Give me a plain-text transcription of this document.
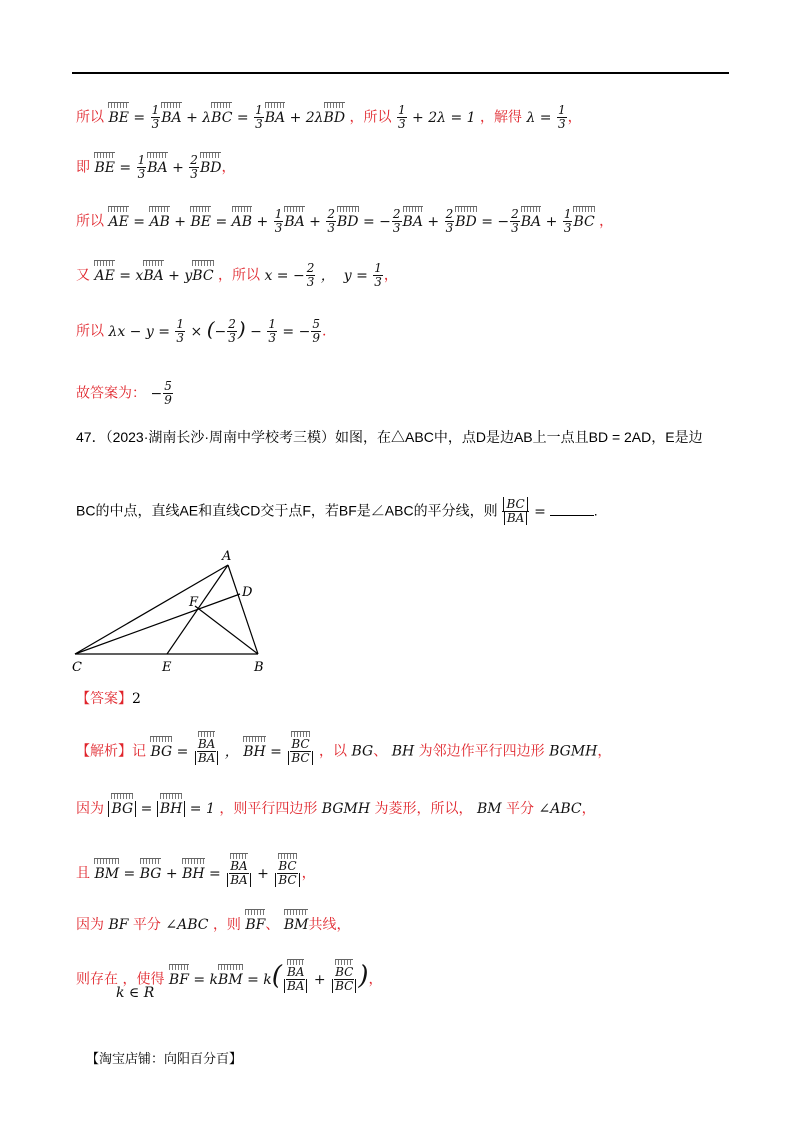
所以 BE = $\frac{1}{3}$ BA + $\lambda BC = \frac{1}{3}$ BA + 2λBD ，所以 $\frac{1}{3} + 2\lambda = 1$ ，解得 $\lambda = \frac{1}{3}$ ，
即 BE = $\frac{1}{3}$ BA + $\frac{2}{3}$ BD，
所以 AE = AB + BE = AB + $\frac{1}{3}$ BA + $\frac{2}{3}$ BD = − $\frac{2}{3}$ BA + $\frac{2}{3}$ BD = − $\frac{2}{3}$ BA + $\frac{1}{3}$ BC ，
又 AE = xBA + yBC ，所以 x = − $\frac{2}{3}$ ，  $y = \frac{1}{3}$ ，
所以 $\lambda x - y = \frac{1}{3}$ × (− $\frac{2}{3}$ ) − $\frac{1}{3}$ = − $\frac{5}{9}$ .
故答案为： − $\frac{5}{9}$
47．（2023·湖南长沙·周南中学校考三模）如图，在△ABC中，点D是边AB上一点且BD = 2AD，E是边
BC的中点，直线AE和直线CD交于点F，若BF是∠ABC的平分线，则 $\frac{BC}{BA}$ =	.
A
D
F
C	E	B
【答案】2
【解析】记 BG = $\frac{BA}{BA}$ ， BH = $\frac{BC}{BC}$ ，以 BG、 BH 为邻边作平行四边形 BGMH，
因为 BG = BH = 1 ，则平行四边形 BGMH 为菱形，所以， BM 平分 ∠ABC，
且 BM = BG + BH = $\frac{BA}{BA} + \frac{BC}{BC}$ ，
因为 BF 平分 ∠ABC ，则 BF、 BM共线，
则存在 ，使得 BF = kBM = $k( \frac{BA}{BA} + \frac{BC}{BC}$ )，
k ∈ R
【淘宝店铺：向阳百分百】
